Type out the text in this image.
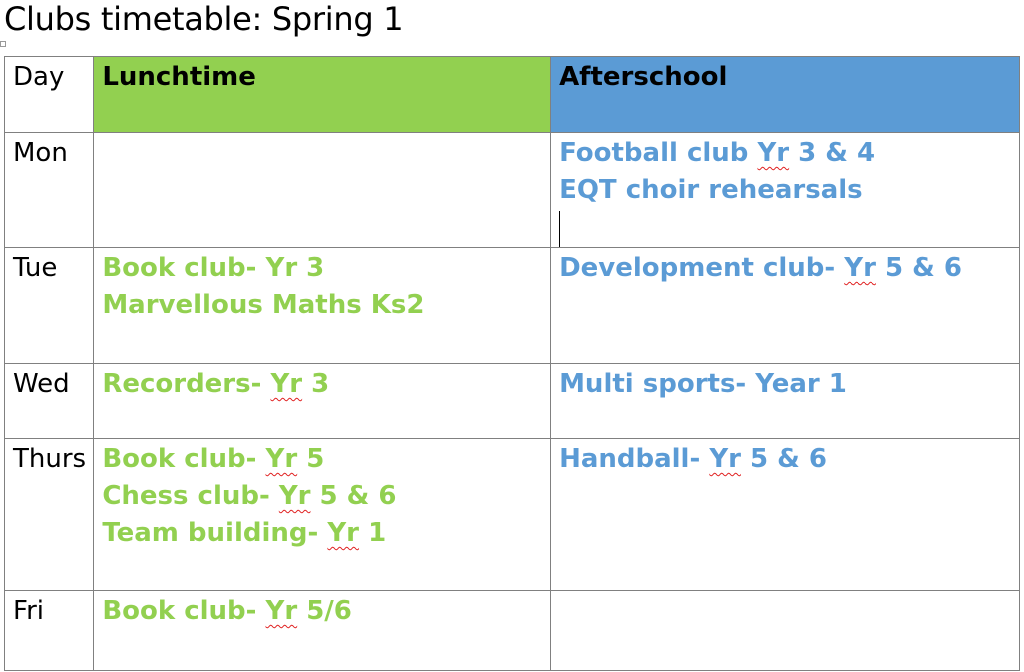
Clubs timetable: Spring 1
Day	Lunchtime	Afterschool
Mon		Football club Yr 3 & 4
EQT choir rehearsals

Tue	Book club- Yr 3
Marvellous Maths Ks2	Development club- Yr 5 & 6

Wed	Recorders- Yr 3	Multi sports- Year 1

Thurs	Book club- Yr 5
Chess club- Yr 5 & 6
Team building- Yr 1	Handball- Yr 5 & 6

Fri	Book club- Yr 5/6	
